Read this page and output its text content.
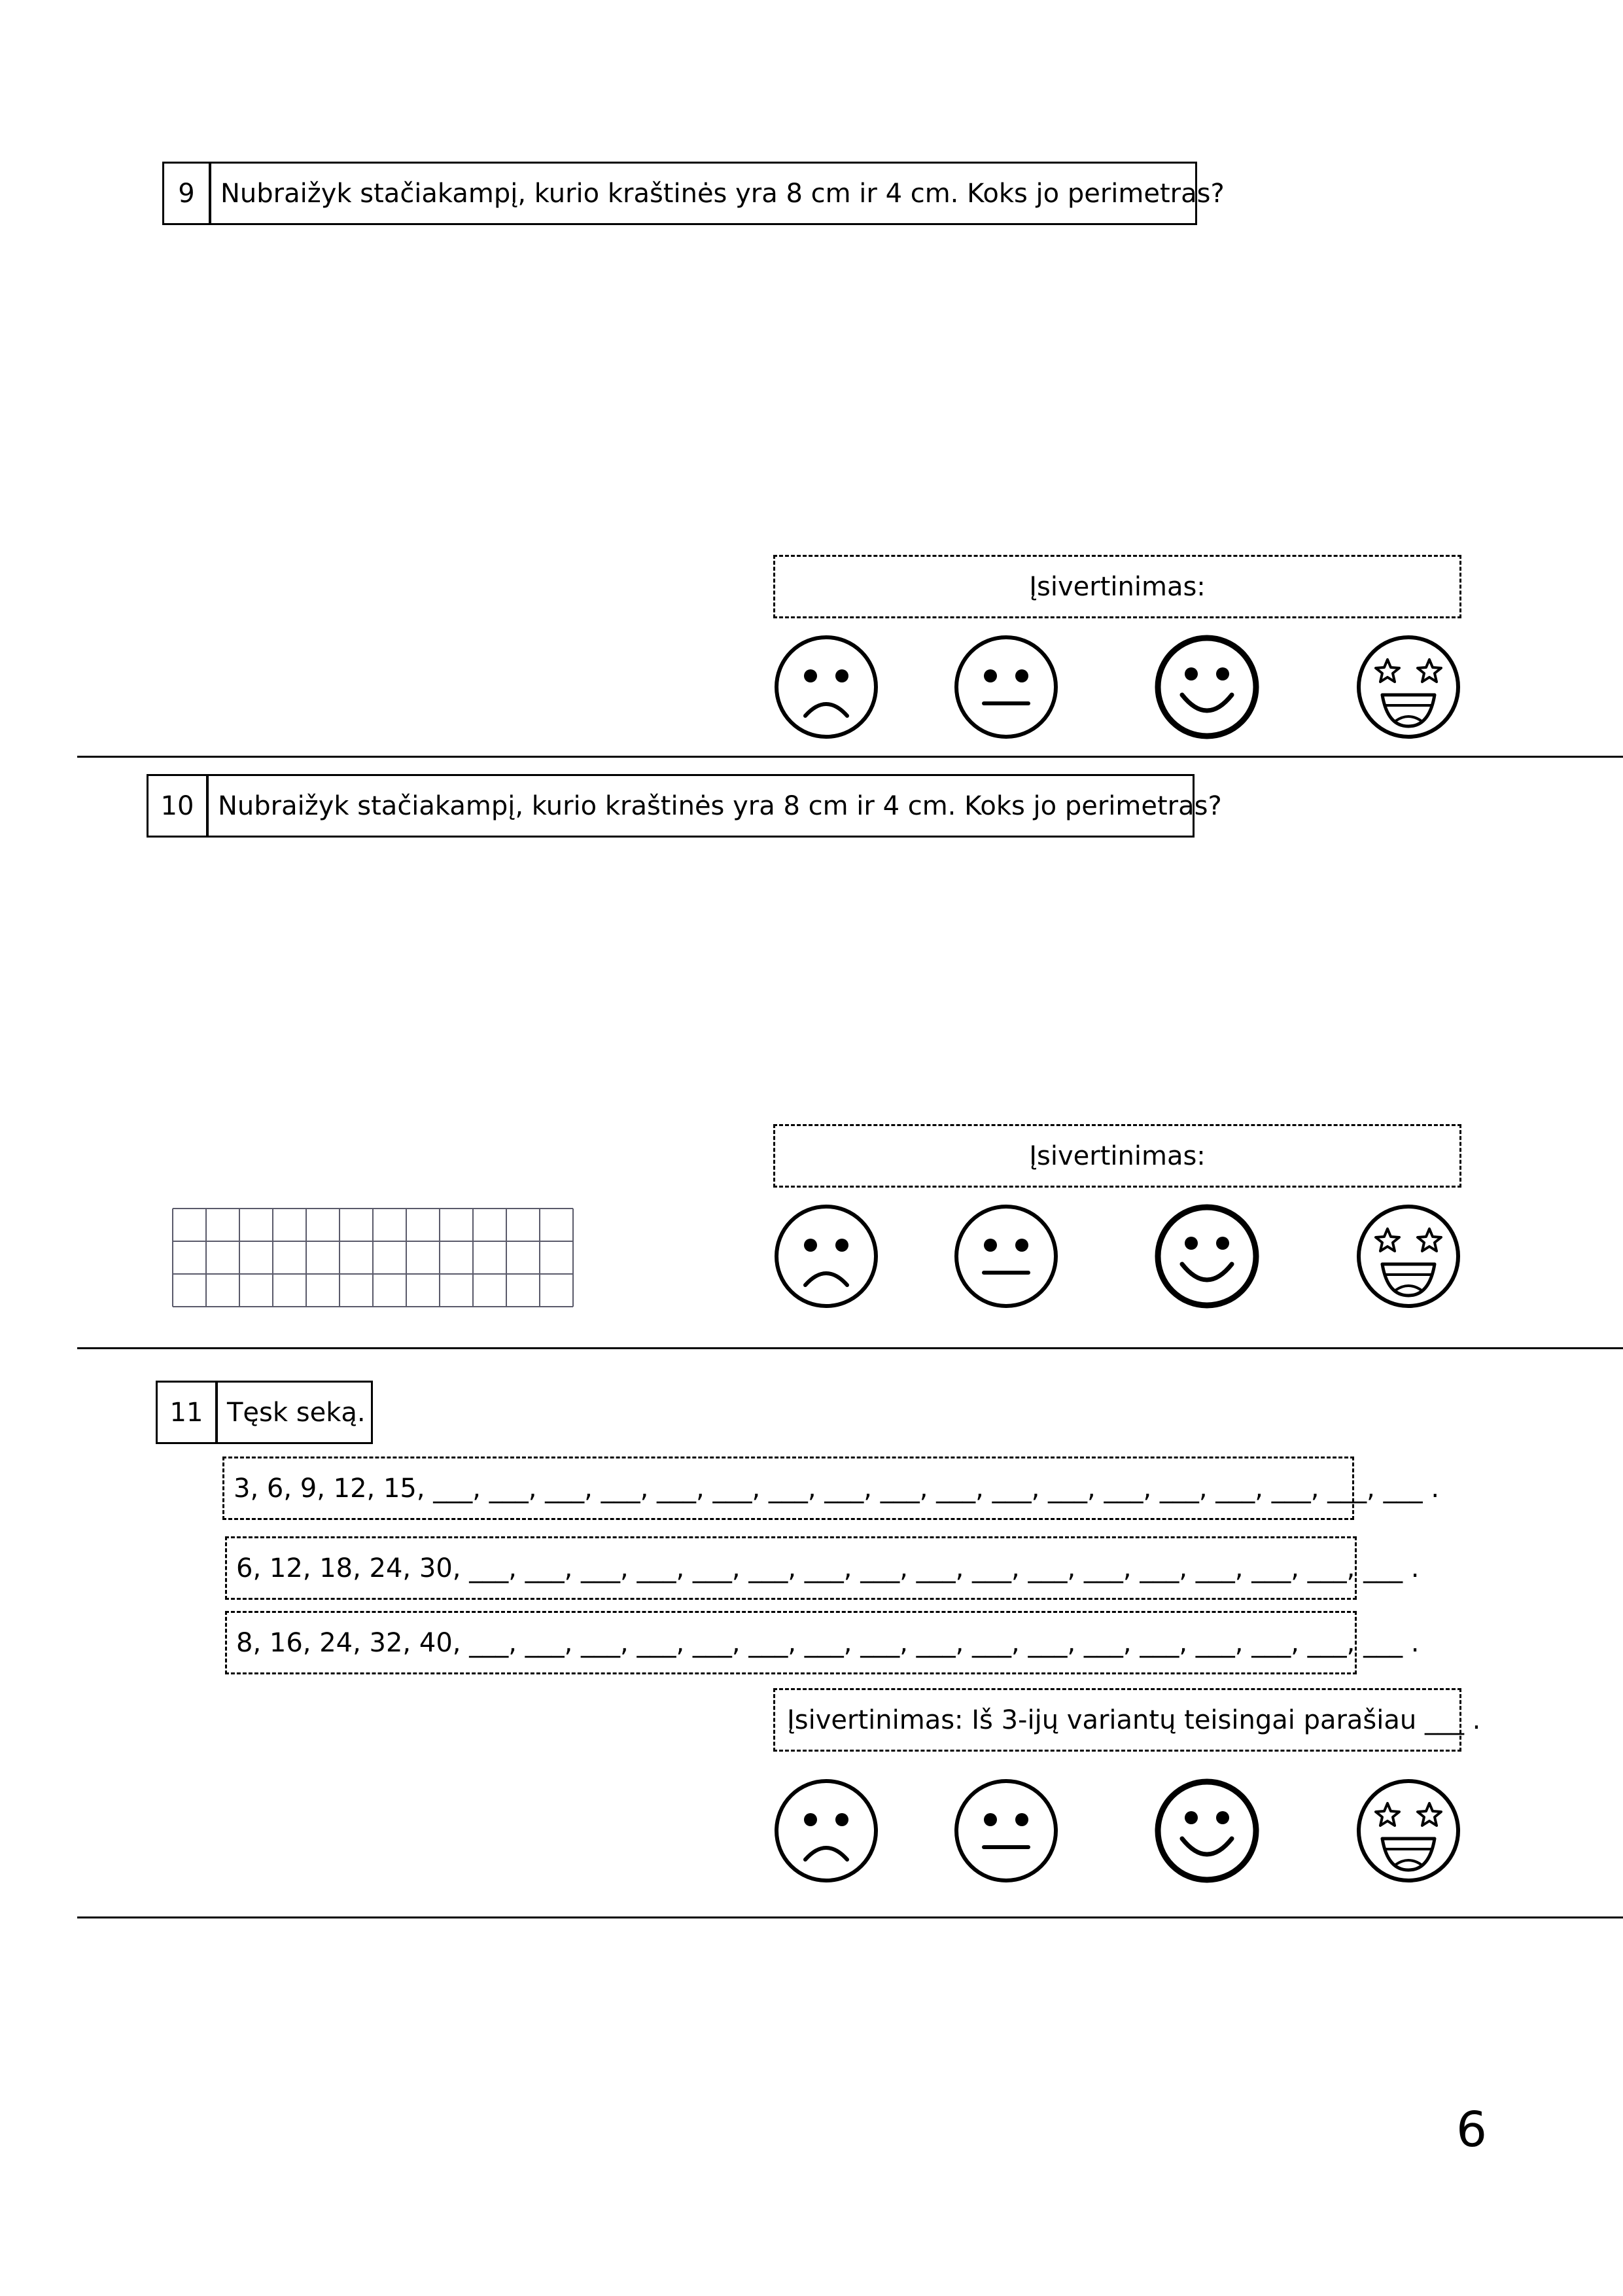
9 Nubraižyk stačiakampį, kurio kraštinės yra 8 cm ir 4 cm. Koks jo perimetras?
Įsivertinimas:
10 Nubraižyk stačiakampį, kurio kraštinės yra 8 cm ir 4 cm. Koks jo perimetras?
Įsivertinimas:
11 Tęsk seką.
3, 6, 9, 12, 15, ___, ___, ___, ___, ___, ___, ___, ___, ___, ___, ___, ___, ___, ___, ___, ___, ___, ___ .
6, 12, 18, 24, 30, ___, ___, ___, ___, ___, ___, ___, ___, ___, ___, ___, ___, ___, ___, ___, ___, ___ .
8, 16, 24, 32, 40, ___, ___, ___, ___, ___, ___, ___, ___, ___, ___, ___, ___, ___, ___, ___, ___, ___ .
Įsivertinimas: Iš 3-ijų variantų teisingai parašiau ___ .
6
